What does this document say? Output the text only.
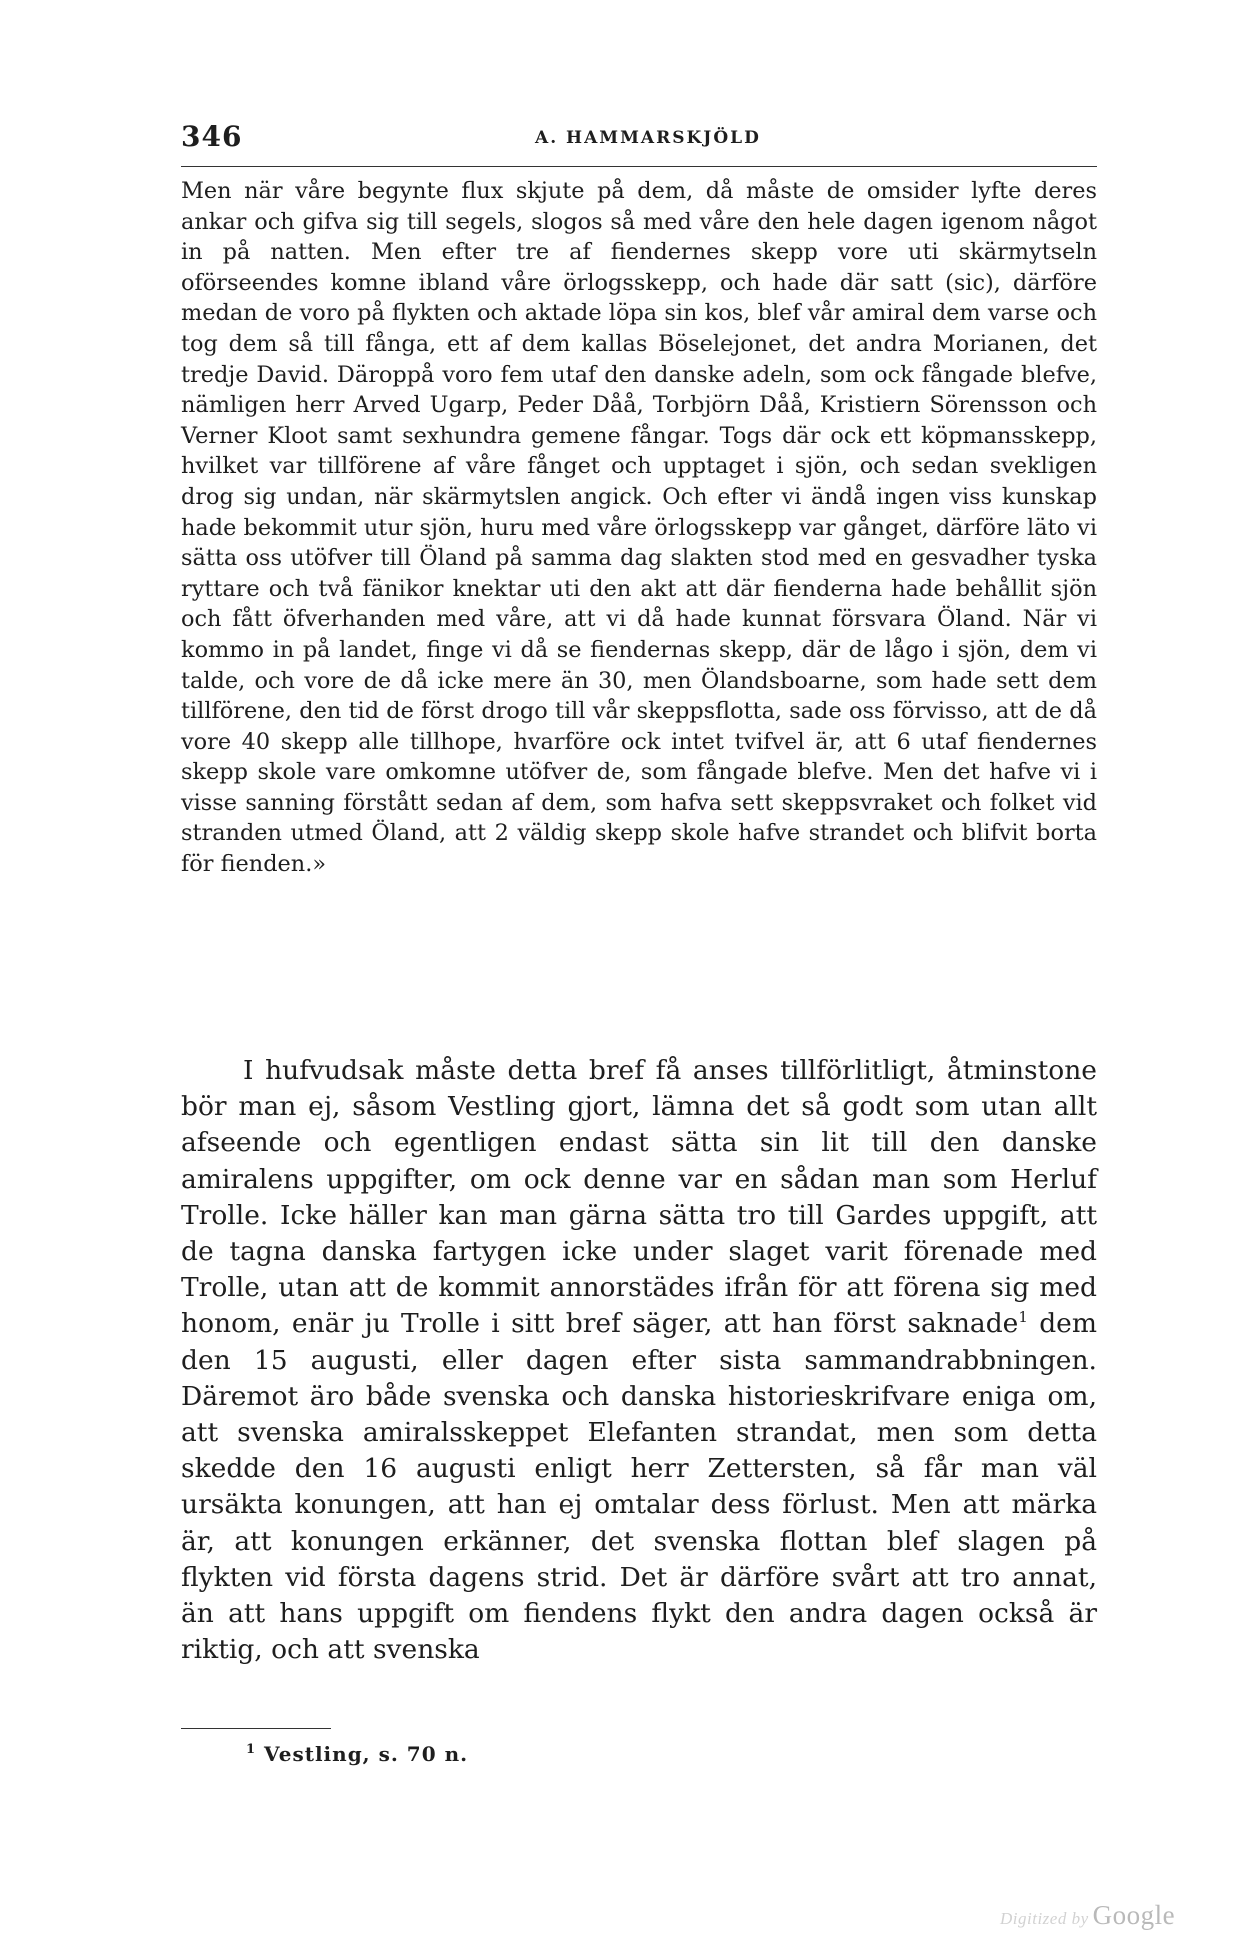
346	A. HAMMARSKJÖLD

Men när våre begynte flux skjute på dem, då måste de omsider lyfte deres ankar och gifva sig till segels, slogos så med våre den hele dagen igenom något in på natten. Men efter tre af fiendernes skepp vore uti skärmytseln oförseendes komne ibland våre örlogsskepp, och hade där satt (sic), därföre medan de voro på flykten och aktade löpa sin kos, blef vår amiral dem varse och tog dem så till fånga, ett af dem kallas Böselejonet, det andra Morianen, det tredje David. Däroppå voro fem utaf den danske adeln, som ock fångade blefve, nämligen herr Arved Ugarp, Peder Dåå, Torbjörn Dåå, Kristiern Sörensson och Verner Kloot samt sexhundra gemene fångar. Togs där ock ett köpmansskepp, hvilket var tillförene af våre fånget och upptaget i sjön, och sedan svekligen drog sig undan, när skärmytslen angick. Och efter vi ändå ingen viss kunskap hade bekommit utur sjön, huru med våre örlogsskepp var gånget, därföre läto vi sätta oss utöfver till Öland på samma dag slakten stod med en gesvadher tyska ryttare och två fänikor knektar uti den akt att där fienderna hade behållit sjön och fått öfverhanden med våre, att vi då hade kunnat försvara Öland. När vi kommo in på landet, finge vi då se fiendernas skepp, där de lågo i sjön, dem vi talde, och vore de då icke mere än 30, men Ölandsboarne, som hade sett dem tillförene, den tid de först drogo till vår skeppsflotta, sade oss förvisso, att de då vore 40 skepp alle tillhope, hvarföre ock intet tvifvel är, att 6 utaf fiendernes skepp skole vare omkomne utöfver de, som fångade blefve. Men det hafve vi i visse sanning förstått sedan af dem, som hafva sett skeppsvraket och folket vid stranden utmed Öland, att 2 väldig skepp skole hafve strandet och blifvit borta för fienden.»

I hufvudsak måste detta bref få anses tillförlitligt, åtminstone bör man ej, såsom Vestling gjort, lämna det så godt som utan allt afseende och egentligen endast sätta sin lit till den danske amiralens uppgifter, om ock denne var en sådan man som Herluf Trolle. Icke häller kan man gärna sätta tro till Gardes uppgift, att de tagna danska fartygen icke under slaget varit förenade med Trolle, utan att de kommit annorstädes ifrån för att förena sig med honom, enär ju Trolle i sitt bref säger, att han först saknade$^1$ dem den 15 augusti, eller dagen efter sista sammandrabbningen. Däremot äro både svenska och danska historieskrifvare eniga om, att svenska amiralsskeppet Elefanten strandat, men som detta skedde den 16 augusti enligt herr Zettersten, så får man väl ursäkta konungen, att han ej omtalar dess förlust. Men att märka är, att konungen erkänner, det svenska flottan blef slagen på flykten vid första dagens strid. Det är därföre svårt att tro annat, än att hans uppgift om fiendens flykt den andra dagen också är riktig, och att svenska

$^1$ Vestling, s. 70 n.
Digitized by Google
